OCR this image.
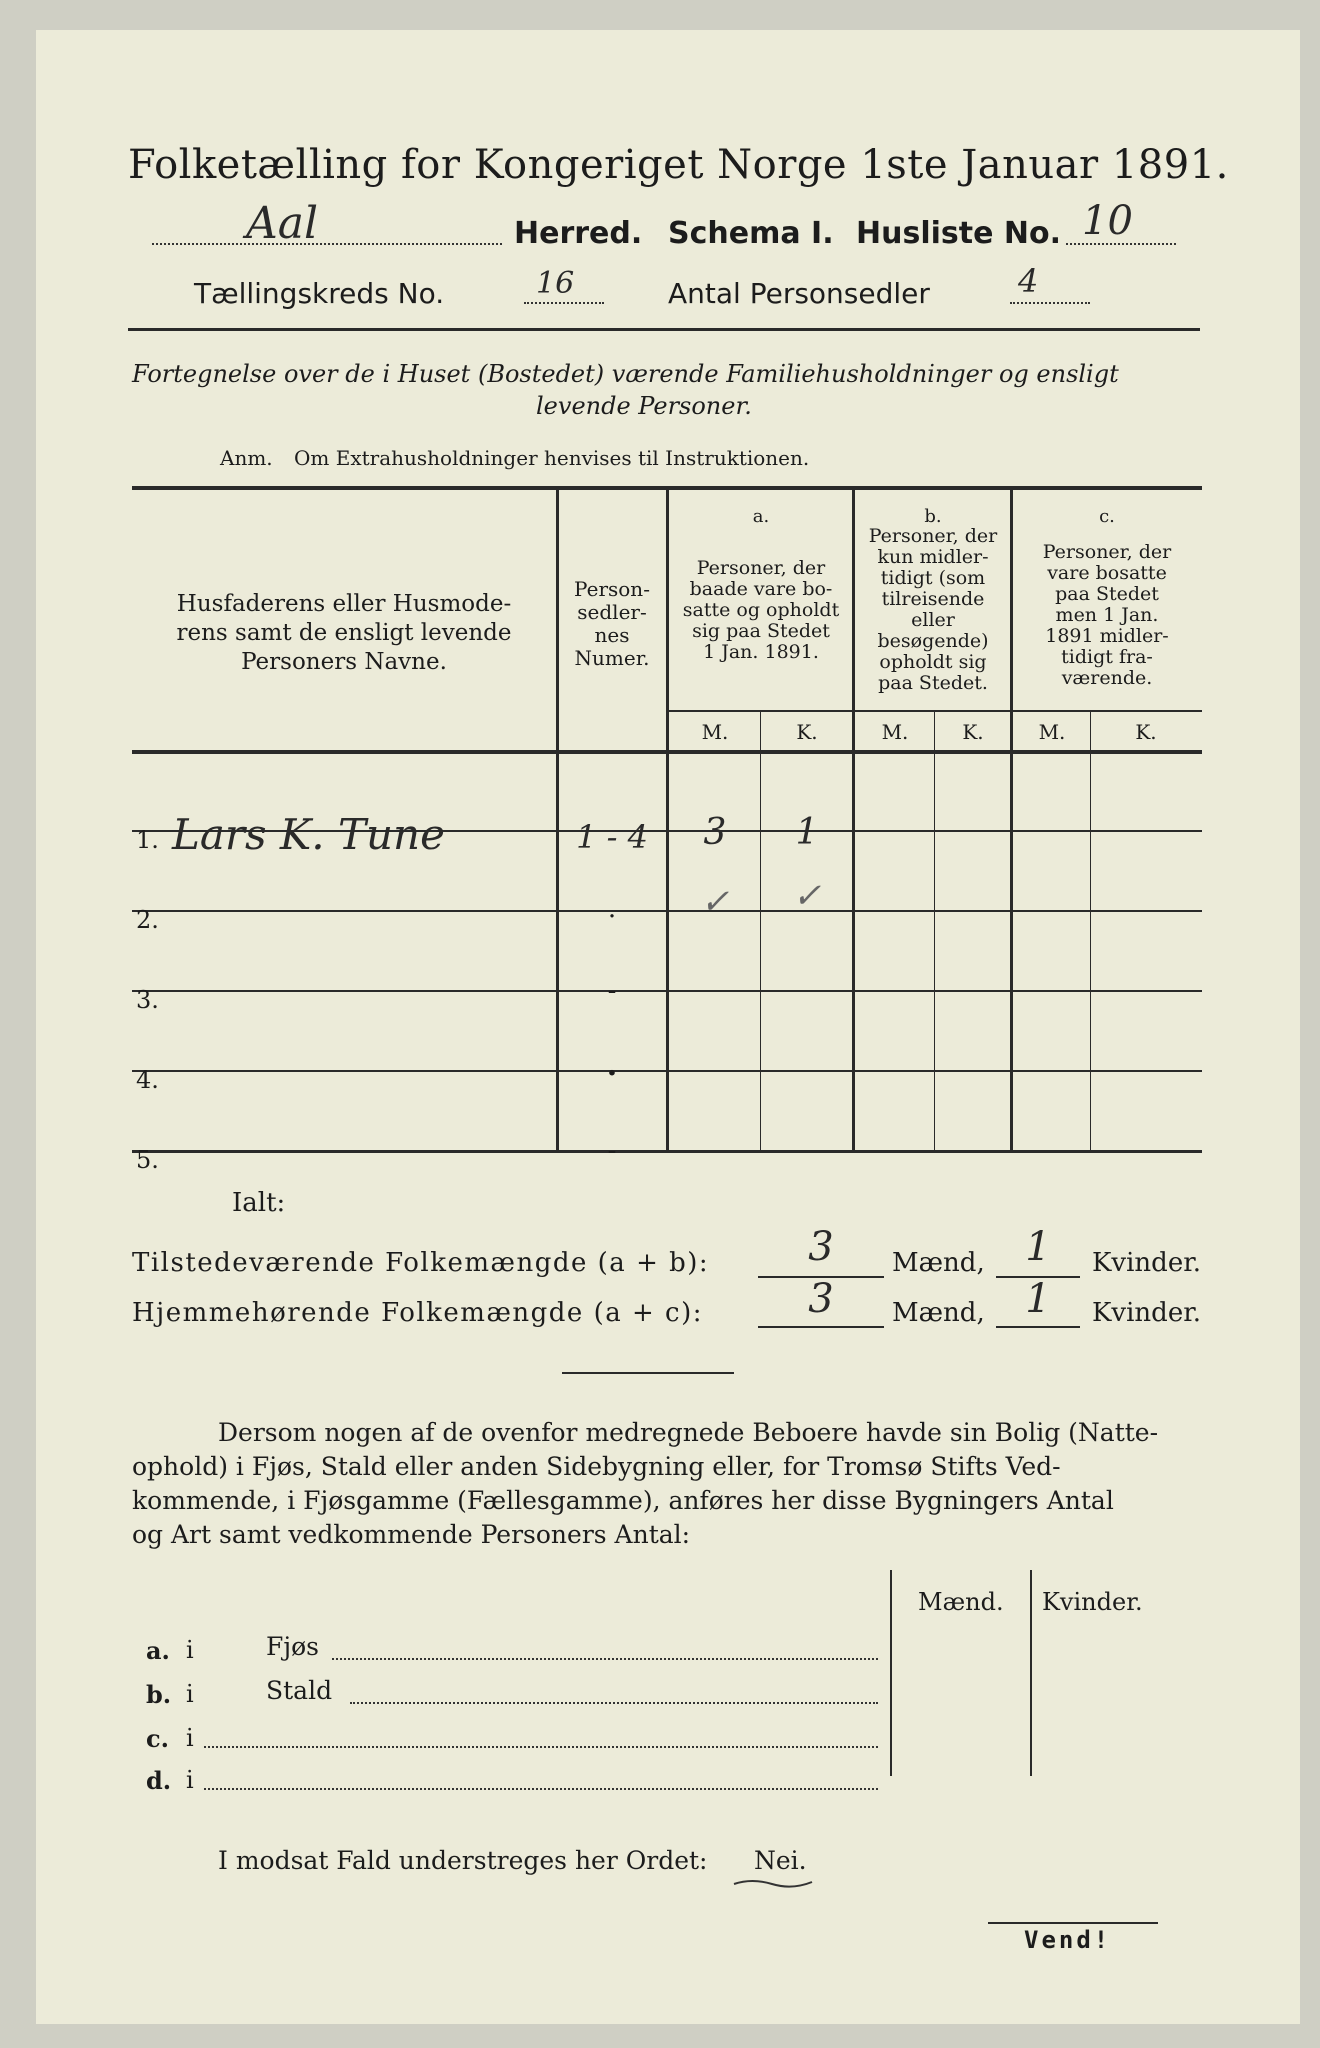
Folketælling for Kongeriget Norge 1ste Januar 1891.
Aal	Herred. Schema I. Husliste No. 10
Tællingskreds No.	16	Antal Personsedler	4
Fortegnelse over de i Huset (Bostedet) værende Familiehusholdninger og ensligt
levende Personer.
Anm. Om Extrahusholdninger henvises til Instruktionen.
Husfaderens eller Husmode-
rens samt de ensligt levende
Personers Navne.
Person-
sedler-
nes
Numer.
a.
Personer, der
baade vare bo-
satte og opholdt
sig paa Stedet
1 Jan. 1891.
b.
Personer, der
kun midler-
tidigt (som
tilreisende
eller
besøgende)
opholdt sig
paa Stedet.
c.
Personer, der
vare bosatte
paa Stedet
men 1 Jan.
1891 midler-
tidigt fra-
værende.
M.	K.	M.	K.	M.	K.
1. Lars K. Tune	1 - 4	3	1
2.	.	✓	✓
3.	-
4.	.
5.	-
Ialt:
Tilstedeværende Folkemængde (a + b):	3	Mænd,	1	Kvinder.
Hjemmehørende Folkemængde (a + c):	3	Mænd,	1	Kvinder.
Dersom nogen af de ovenfor medregnede Beboere havde sin Bolig (Natte-
ophold) i Fjøs, Stald eller anden Sidebygning eller, for Tromsø Stifts Ved-
kommende, i Fjøsgamme (Fællesgamme), anføres her disse Bygningers Antal
og Art samt vedkommende Personers Antal:
Mænd. Kvinder.
a. i	Fjøs
b. i	Stald
c. i
d. i
I modsat Fald understreges her Ordet: Nei.
Vend!
